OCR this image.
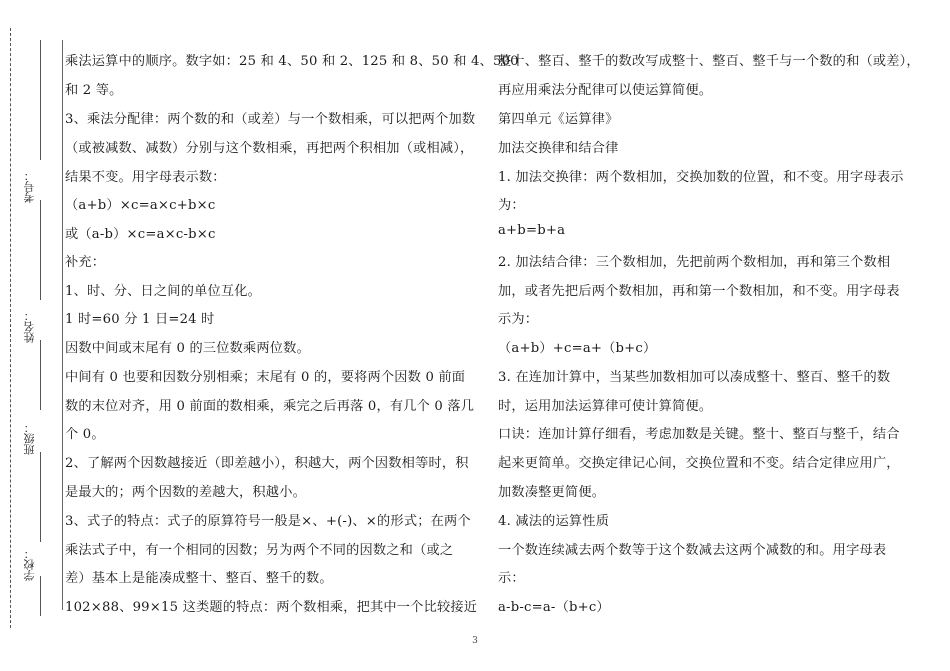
考号：
姓名：
班级：
学校：
乘法运算中的顺序。数字如：25 和 4、50 和 2、125 和 8、50 和 4、500
和 2 等。
3、乘法分配律：两个数的和（或差）与一个数相乘，可以把两个加数
（或被减数、减数）分别与这个数相乘，再把两个积相加（或相减），
结果不变。用字母表示数：
（a+b）×c=a×c+b×c
或（a-b）×c=a×c-b×c
补充：
1、时、分、日之间的单位互化。
1 时=60 分 1 日=24 时
因数中间或末尾有 0 的三位数乘两位数。
中间有 0 也要和因数分别相乘；末尾有 0 的，要将两个因数 0 前面
数的末位对齐，用 0 前面的数相乘，乘完之后再落 0，有几个 0 落几
个 0。
2、了解两个因数越接近（即差越小），积越大，两个因数相等时，积
是最大的；两个因数的差越大，积越小。
3、式子的特点：式子的原算符号一般是×、+(-)、×的形式；在两个
乘法式子中，有一个相同的因数；另为两个不同的因数之和（或之
差）基本上是能凑成整十、整百、整千的数。
102×88、99×15 这类题的特点：两个数相乘，把其中一个比较接近
整十、整百、整千的数改写成整十、整百、整千与一个数的和（或差），
再应用乘法分配律可以使运算简便。
第四单元《运算律》
加法交换律和结合律
1. 加法交换律：两个数相加，交换加数的位置，和不变。用字母表示
为：
a+b=b+a
2. 加法结合律：三个数相加，先把前两个数相加，再和第三个数相
加，或者先把后两个数相加，再和第一个数相加，和不变。用字母表
示为：
（a+b）+c=a+（b+c）
3. 在连加计算中，当某些加数相加可以凑成整十、整百、整千的数
时，运用加法运算律可使计算简便。
口诀：连加计算仔细看，考虑加数是关键。整十、整百与整千，结合
起来更简单。交换定律记心间，交换位置和不变。结合定律应用广，
加数凑整更简便。
4. 减法的运算性质
一个数连续减去两个数等于这个数减去这两个减数的和。用字母表
示：
a-b-c=a-（b+c）
3
